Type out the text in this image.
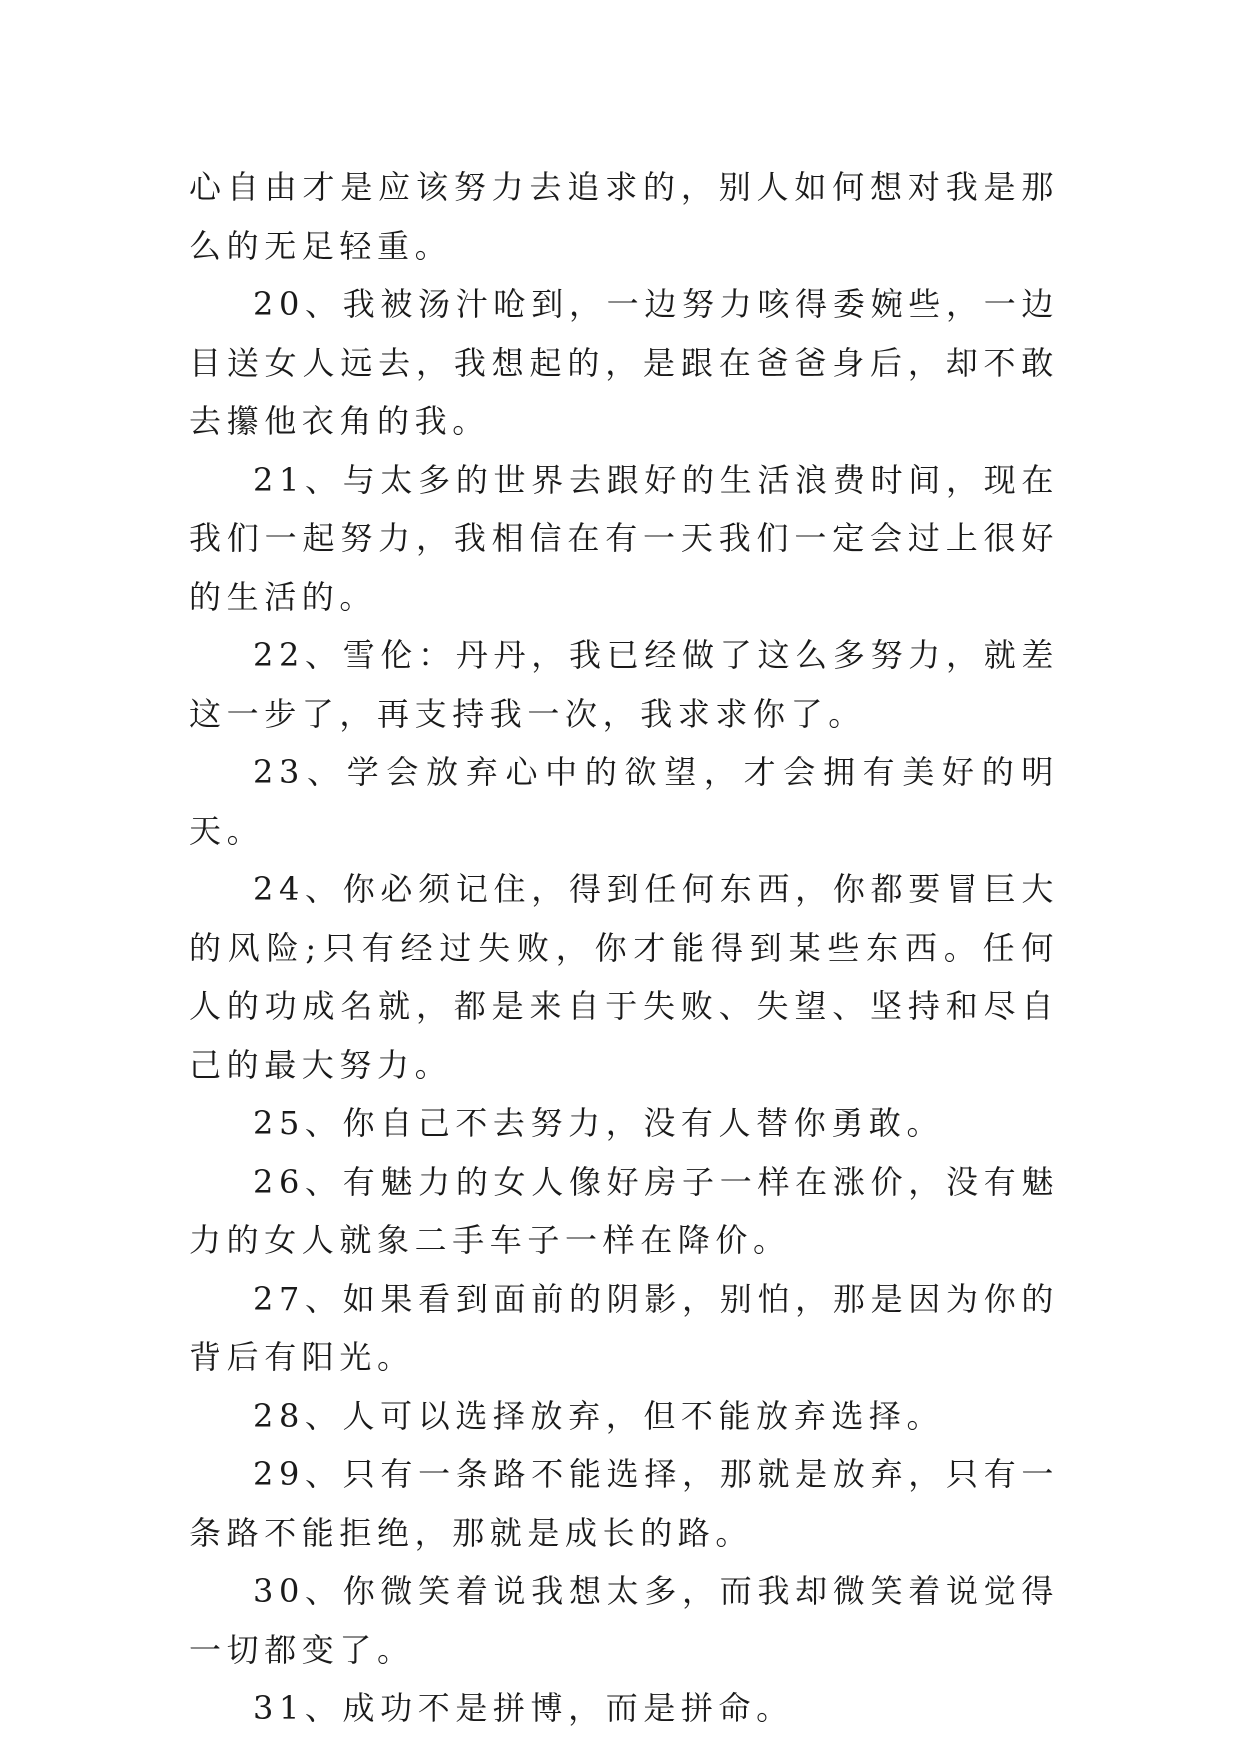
心自由才是应该努力去追求的，别人如何想对我是那么的无足轻重。

20、我被汤汁呛到，一边努力咳得委婉些，一边目送女人远去，我想起的，是跟在爸爸身后，却不敢去攥他衣角的我。

21、与太多的世界去跟好的生活浪费时间，现在我们一起努力，我相信在有一天我们一定会过上很好的生活的。

22、雪伦：丹丹，我已经做了这么多努力，就差这一步了，再支持我一次，我求求你了。

23、学会放弃心中的欲望，才会拥有美好的明天。

24、你必须记住，得到任何东西，你都要冒巨大的风险;只有经过失败，你才能得到某些东西。任何人的功成名就，都是来自于失败、失望、坚持和尽自己的最大努力。

25、你自己不去努力，没有人替你勇敢。

26、有魅力的女人像好房子一样在涨价，没有魅力的女人就象二手车子一样在降价。

27、如果看到面前的阴影，别怕，那是因为你的背后有阳光。

28、人可以选择放弃，但不能放弃选择。

29、只有一条路不能选择，那就是放弃，只有一条路不能拒绝，那就是成长的路。

30、你微笑着说我想太多，而我却微笑着说觉得一切都变了。

31、成功不是拼博，而是拼命。
